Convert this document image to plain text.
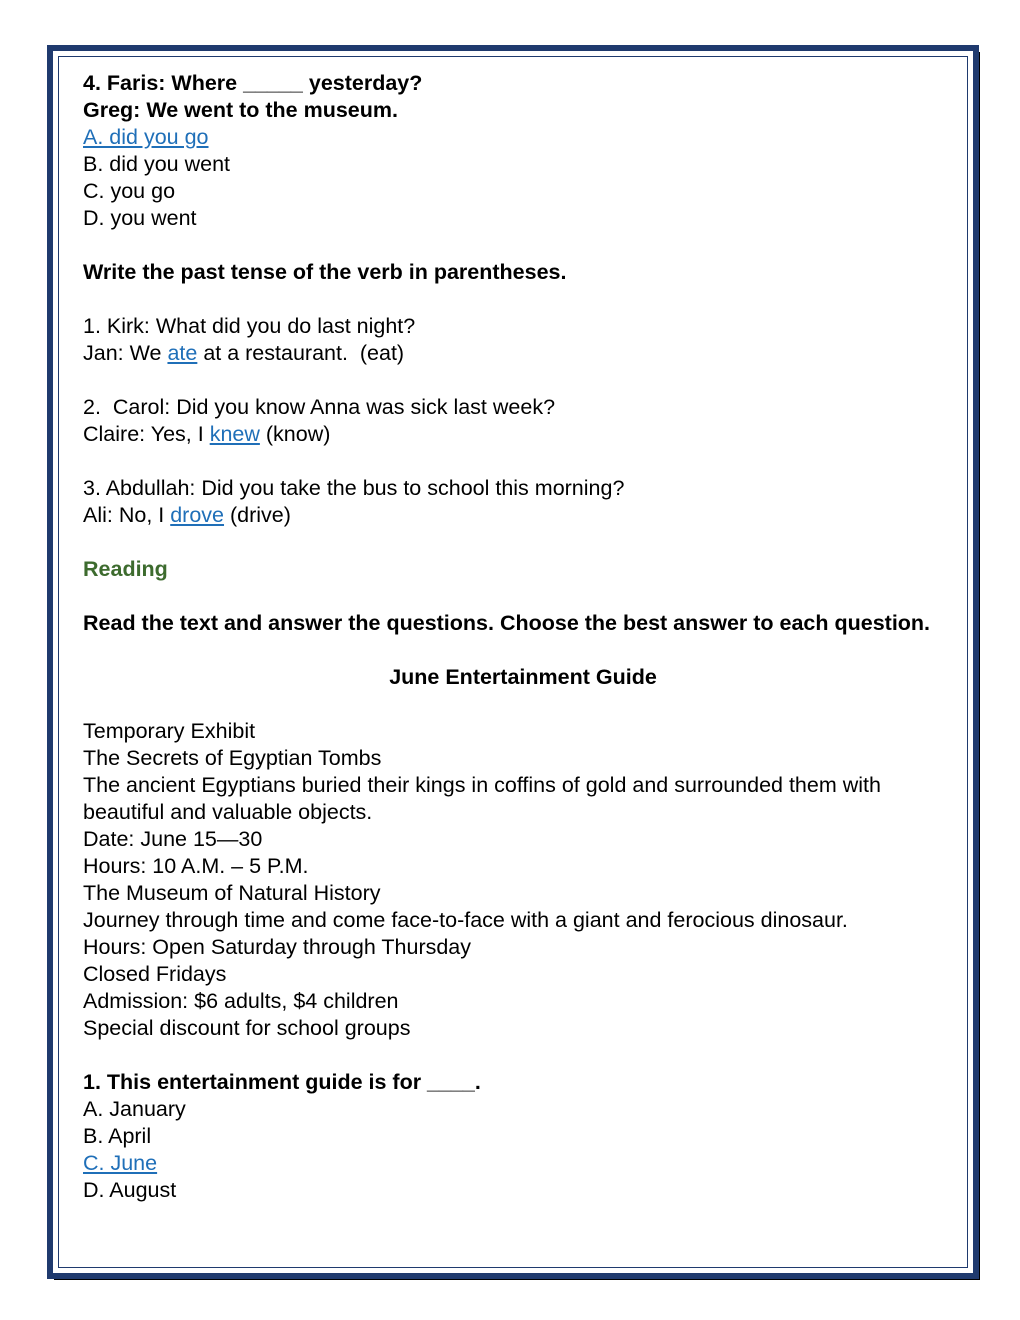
4. Faris: Where _____ yesterday?
Greg: We went to the museum.
A. did you go
B. did you went
C. you go
D. you went
Write the past tense of the verb in parentheses.
1. Kirk: What did you do last night?
Jan: We ate at a restaurant.  (eat)
2.  Carol: Did you know Anna was sick last week?
Claire: Yes, I knew (know)
3. Abdullah: Did you take the bus to school this morning?
Ali: No, I drove (drive)
Reading
Read the text and answer the questions. Choose the best answer to each question.
June Entertainment Guide
Temporary Exhibit
The Secrets of Egyptian Tombs
The ancient Egyptians buried their kings in coffins of gold and surrounded them with beautiful and valuable objects.
Date: June 15—30
Hours: 10 A.M. – 5 P.M.
The Museum of Natural History
Journey through time and come face-to-face with a giant and ferocious dinosaur.
Hours: Open Saturday through Thursday
Closed Fridays
Admission: $6 adults, $4 children
Special discount for school groups
1. This entertainment guide is for ____.
A. January
B. April
C. June
D. August
